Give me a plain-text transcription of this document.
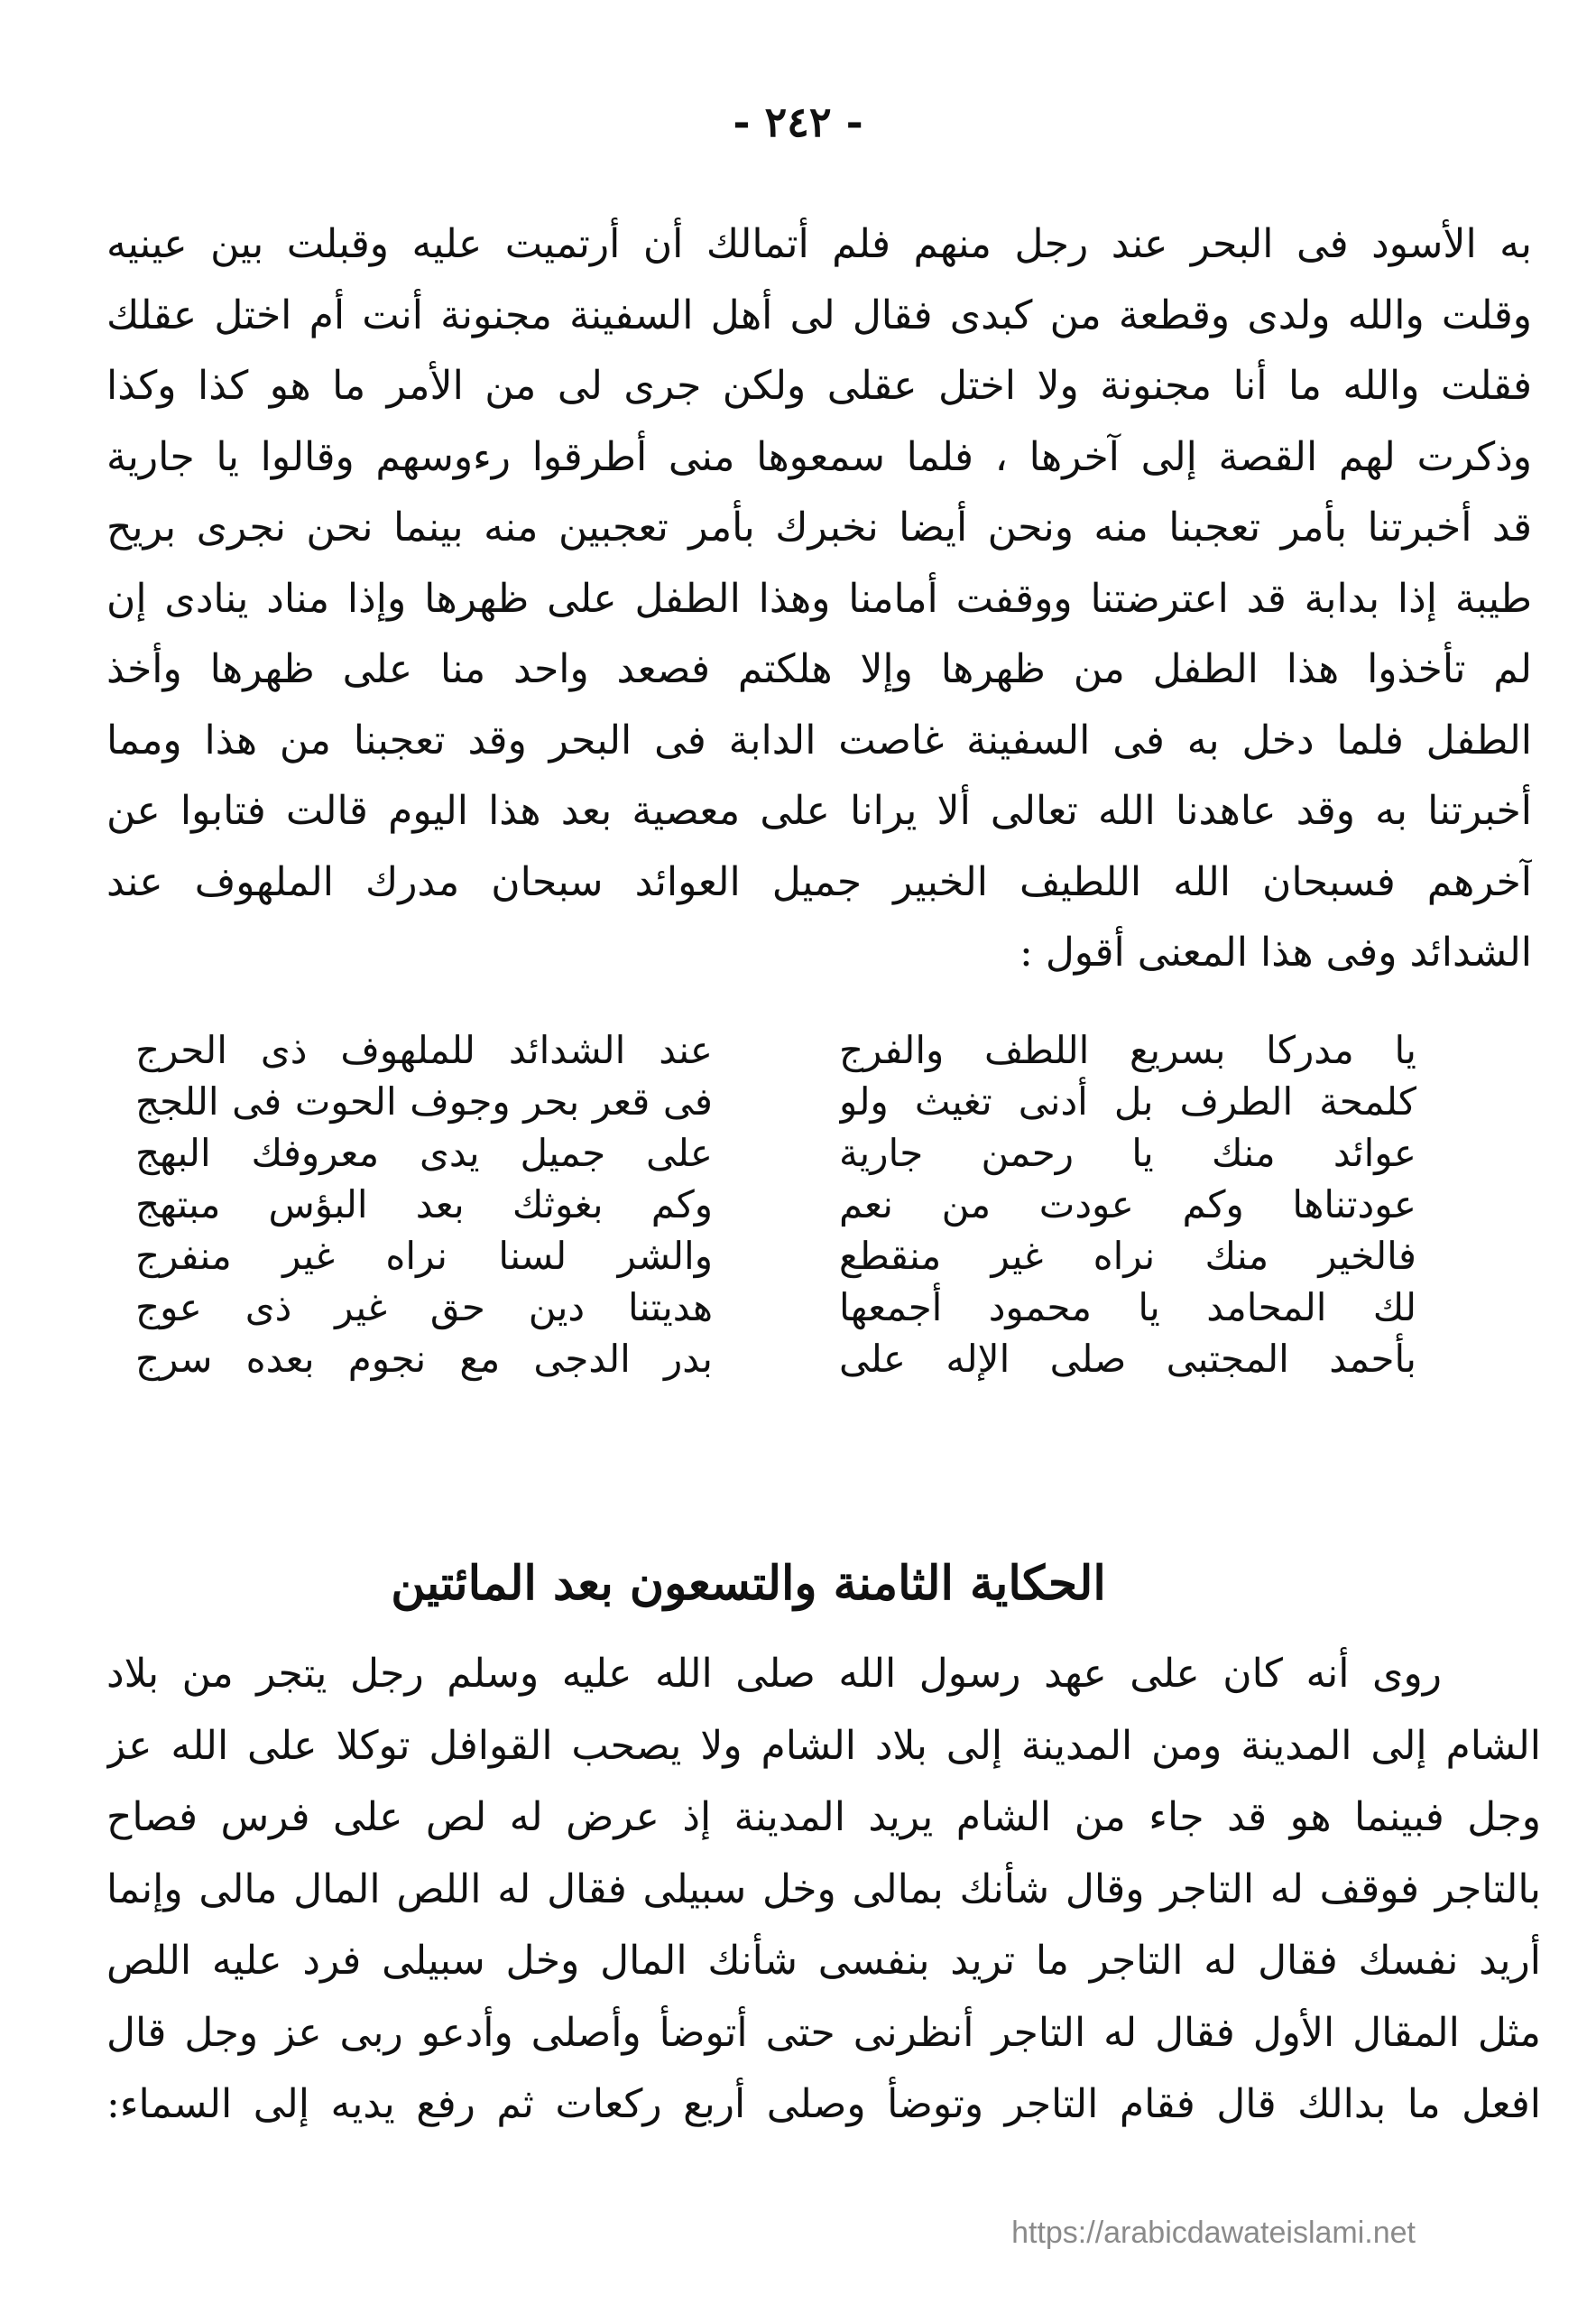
- ٢٤٢ -
به الأسود فى البحر عند رجل منهم فلم أتمالك أن أرتميت عليه وقبلت بين عينيه
وقلت والله ولدى وقطعة من كبدى فقال لى أهل السفينة مجنونة أنت أم اختل عقلك
فقلت والله ما أنا مجنونة ولا اختل عقلى ولكن جرى لى من الأمر ما هو كذا وكذا
وذكرت لهم القصة إلى آخرها ، فلما سمعوها منى أطرقوا رءوسهم وقالوا يا جارية
قد أخبرتنا بأمر تعجبنا منه ونحن أيضا نخبرك بأمر تعجبين منه بينما نحن نجرى بريح
طيبة إذا بدابة قد اعترضتنا ووقفت أمامنا وهذا الطفل على ظهرها وإذا مناد ينادى إن
لم تأخذوا هذا الطفل من ظهرها وإلا هلكتم فصعد واحد منا على ظهرها وأخذ
الطفل فلما دخل به فى السفينة غاصت الدابة فى البحر وقد تعجبنا من هذا ومما
أخبرتنا به وقد عاهدنا الله تعالى ألا يرانا على معصية بعد هذا اليوم قالت فتابوا عن
آخرهم فسبحان الله اللطيف الخبير جميل العوائد سبحان مدرك الملهوف عند
الشدائد وفى هذا المعنى أقول :
يا مدركا بسريع اللطف والفرج
عند الشدائد للملهوف ذى الحرج
كلمحة الطرف بل أدنى تغيث ولو
فى قعر بحر وجوف الحوت فى اللجج
عوائد منك يا رحمن جارية
على جميل يدى معروفك البهج
عودتناها وكم عودت من نعم
وكم بغوثك بعد البؤس مبتهج
فالخير منك نراه غير منقطع
والشر لسنا نراه غير منفرج
لك المحامد يا محمود أجمعها
هديتنا دين حق غير ذى عوج
بأحمد المجتبى صلى الإله على
بدر الدجى مع نجوم بعده سرج
الحكاية الثامنة والتسعون بعد المائتين
روى أنه كان على عهد رسول الله صلى الله عليه وسلم رجل يتجر من بلاد
الشام إلى المدينة ومن المدينة إلى بلاد الشام ولا يصحب القوافل توكلا على الله عز
وجل فبينما هو قد جاء من الشام يريد المدينة إذ عرض له لص على فرس فصاح
بالتاجر فوقف له التاجر وقال شأنك بمالى وخل سبيلى فقال له اللص المال مالى وإنما
أريد نفسك فقال له التاجر ما تريد بنفسى شأنك المال وخل سبيلى فرد عليه اللص
مثل المقال الأول فقال له التاجر أنظرنى حتى أتوضأ وأصلى وأدعو ربى عز وجل قال
افعل ما بدالك قال فقام التاجر وتوضأ وصلى أربع ركعات ثم رفع يديه إلى السماء:
https://arabicdawateislami.net
